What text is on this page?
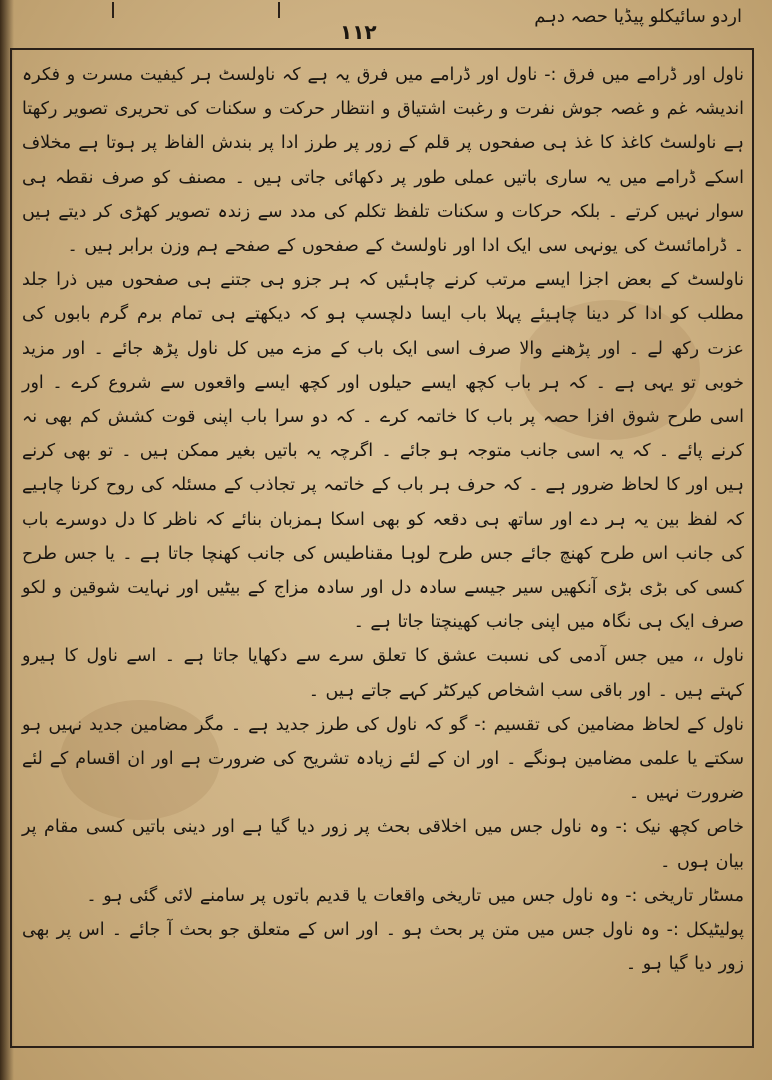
اردو سائیکلو پیڈیا حصہ دہم
۱۱۲

ناول اور ڈرامے میں فرق :- ناول اور ڈرامے میں فرق یہ ہے کہ ناولسٹ ہر کیفیت مسرت و فکرہ اندیشہ غم و غصہ جوش نفرت و رغبت اشتیاق و انتظار حرکت و سکنات کی تحریری تصویر رکھتا ہے ناولسٹ کاغذ کا غذ ہی صفحوں پر قلم کے زور پر طرز ادا پر بندش الفاظ پر ہوتا ہے مخلاف اسکے ڈرامے میں یہ ساری باتیں عملی طور پر دکھائی جاتی ہیں ۔ مصنف کو صرف نقطہ ہی سوار نہیں کرتے ۔ بلکہ حرکات و سکنات تلفظ تکلم کی مدد سے زندہ تصویر کھڑی کر دیتے ہیں ۔ ڈرامائسٹ کی یونہی سی ایک ادا اور ناولسٹ کے صفحوں کے صفحے ہم وزن برابر ہیں ۔

ناولسٹ کے بعض اجزا ایسے مرتب کرنے چاہئیں کہ ہر جزو ہی جتنے ہی صفحوں میں ذرا جلد مطلب کو ادا کر دینا چاہیئے پہلا باب ایسا دلچسپ ہو کہ دیکھتے ہی تمام برم گرم بابوں کی عزت رکھ لے ۔ اور پڑھنے والا صرف اسی ایک باب کے مزے میں کل ناول پڑھ جائے ۔ اور مزید خوبی تو یہی ہے ۔ کہ ہر باب کچھ ایسے حیلوں اور کچھ ایسے واقعوں سے شروع کرے ۔ اور اسی طرح شوق افزا حصہ پر باب کا خاتمہ کرے ۔ کہ دو سرا باب اپنی قوت کشش کم بھی نہ کرنے پائے ۔ کہ یہ اسی جانب متوجہ ہو جائے ۔ اگرچہ یہ باتیں بغیر ممکن ہیں ۔ تو بھی کرنے ہیں اور کا لحاظ ضرور ہے ۔ کہ حرف ہر باب کے خاتمہ پر تجاذب کے مسئلہ کی روح کرنا چاہیے کہ لفظ بین یہ ہر دے اور ساتھ ہی دقعہ کو بھی اسکا ہمزبان بنائے کہ ناظر کا دل دوسرے باب کی جانب اس طرح کھنچ جائے جس طرح لوہا مقناطیس کی جانب کھنچا جاتا ہے ۔ یا جس طرح کسی کی بڑی بڑی آنکھیں سیر جیسے سادہ دل اور سادہ مزاج کے بیٹیں اور نہایت شوقین و لکو صرف ایک ہی نگاہ میں اپنی جانب کھینچتا جاتا ہے ۔

ناول ،، میں جس آدمی کی نسبت عشق کا تعلق سرے سے دکھایا جاتا ہے ۔ اسے ناول کا ہیرو کہتے ہیں ۔ اور باقی سب اشخاص کیرکٹر کہے جاتے ہیں ۔

ناول کے لحاظ مضامین کی تقسیم :- گو کہ ناول کی طرز جدید ہے ۔ مگر مضامین جدید نہیں ہو سکتے یا علمی مضامین ہونگے ۔ اور ان کے لئے زیادہ تشریح کی ضرورت ہے اور ان اقسام کے لئے ضرورت نہیں ۔

خاص کچھ نیک :- وہ ناول جس میں اخلاقی بحث پر زور دیا گیا ہے اور دینی باتیں کسی مقام پر بیان ہوں ۔

مسٹار تاریخی :- وہ ناول جس میں تاریخی واقعات یا قدیم باتوں پر سامنے لائی گئی ہو ۔

پولیٹیکل :- وہ ناول جس میں متن پر بحث ہو ۔ اور اس کے متعلق جو بحث آ جائے ۔ اس پر بھی زور دیا گیا ہو ۔
